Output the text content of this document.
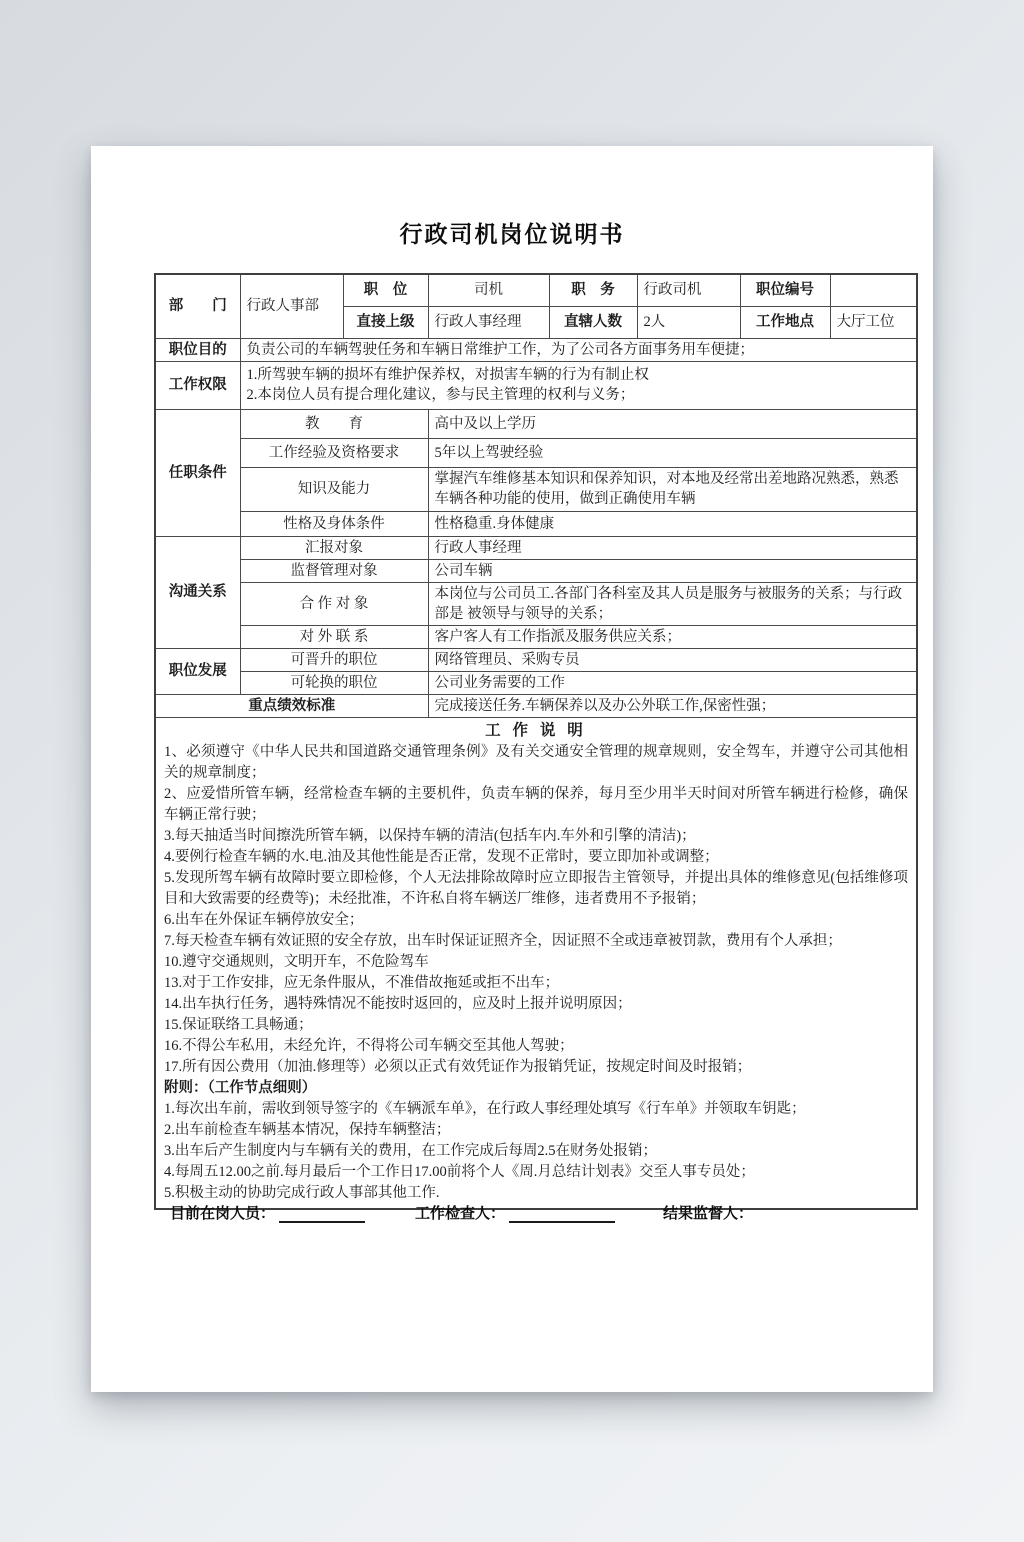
行政司机岗位说明书
部　　门	行政人事部	职　位	司机	职　务	行政司机	职位编号	
		直接上级	行政人事经理	直辖人数	2人	工作地点	大厅工位
职位目的	负责公司的车辆驾驶任务和车辆日常维护工作，为了公司各方面事务用车便捷；						
工作权限	1.所驾驶车辆的损坏有维护保养权，对损害车辆的行为有制止权
2.本岗位人员有提合理化建议，参与民主管理的权利与义务；						

任职条件	教　　育		高中及以上学历				
	工作经验及资格要求		5年以上驾驶经验				
	知识及能力		掌握汽车维修基本知识和保养知识，对本地及经常出差地路况熟悉，熟悉车辆各种功能的使用，做到正确使用车辆				
	性格及身体条件		性格稳重.身体健康				
沟通关系	汇报对象		行政人事经理				
	监督管理对象		公司车辆				
	合 作 对 象		本岗位与公司员工.各部门各科室及其人员是服务与被服务的关系；与行政部是 被领导与领导的关系；				
	对 外 联 系		客户客人有工作指派及服务供应关系；				
职位发展	可晋升的职位		网络管理员、采购专员				
	可轮换的职位		公司业务需要的工作				
重点绩效标准			完成接送任务.车辆保养以及办公外联工作,保密性强；				

工 作 说 明
1、必须遵守《中华人民共和国道路交通管理条例》及有关交通安全管理的规章规则，安全驾车，并遵守公司其他相关的规章制度；
2、应爱惜所管车辆，经常检查车辆的主要机件，负责车辆的保养，每月至少用半天时间对所管车辆进行检修，确保车辆正常行驶；
3.每天抽适当时间擦洗所管车辆，以保持车辆的清洁(包括车内.车外和引擎的清洁)；
4.要例行检查车辆的水.电.油及其他性能是否正常，发现不正常时，要立即加补或调整；
5.发现所驾车辆有故障时要立即检修，个人无法排除故障时应立即报告主管领导，并提出具体的维修意见(包括维修项目和大致需要的经费等)；未经批准，不许私自将车辆送厂维修，违者费用不予报销；
6.出车在外保证车辆停放安全；
7.每天检查车辆有效证照的安全存放，出车时保证证照齐全，因证照不全或违章被罚款，费用有个人承担；
10.遵守交通规则，文明开车，不危险驾车
13.对于工作安排，应无条件服从，不准借故拖延或拒不出车；
14.出车执行任务，遇特殊情况不能按时返回的，应及时上报并说明原因；
15.保证联络工具畅通；
16.不得公车私用，未经允许，不得将公司车辆交至其他人驾驶；
17.所有因公费用（加油.修理等）必须以正式有效凭证作为报销凭证，按规定时间及时报销；
附则：（工作节点细则）
1.每次出车前，需收到领导签字的《车辆派车单》，在行政人事经理处填写《行车单》并领取车钥匙；
2.出车前检查车辆基本情况，保持车辆整洁；
3.出车后产生制度内与车辆有关的费用，在工作完成后每周2.5在财务处报销；
4.每周五12.00之前.每月最后一个工作日17.00前将个人《周.月总结计划表》交至人事专员处；
5.积极主动的协助完成行政人事部其他工作.
目前在岗人员：	工作检查人：	结果监督人：
